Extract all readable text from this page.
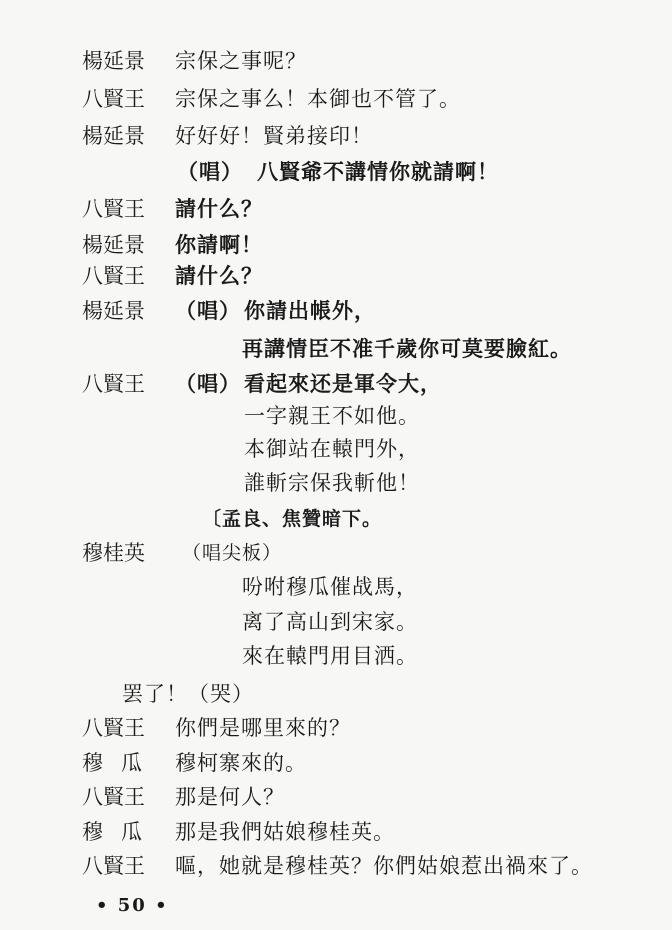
楊延景	宗保之事呢？
八賢王	宗保之事么！本御也不管了。
楊延景	好好好！賢弟接印！
（唱） 八賢爺不講情你就請啊！
八賢王	請什么？
楊延景	你請啊！
八賢王	請什么？
楊延景	（唱） 你請出帳外，
再講情臣不准千歲你可莫要臉紅。
八賢王	（唱） 看起來还是軍令大，
一字親王不如他。
本御站在轅門外，
誰斬宗保我斬他！
〔孟良、焦贊暗下。
穆桂英	（唱尖板）
吩咐穆瓜催战馬，
离了高山到宋家。
來在轅門用目洒。
罢了！（哭）
八賢王	你們是哪里來的？
穆瓜 穆柯寨來的。
八賢王	那是何人？
穆瓜 那是我們姑娘穆桂英。
八賢王	嘔，她就是穆桂英？你們姑娘惹出禍來了。
• 50 •
